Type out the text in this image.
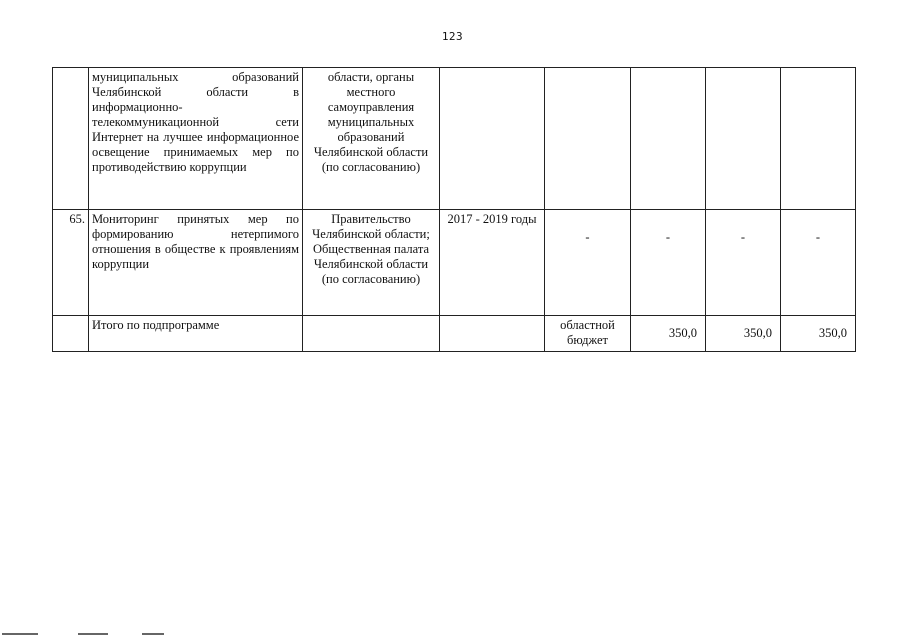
123
	муниципальных образований Челябинской области в информационно-телекоммуникационной сети Интернет на лучшее информационное освещение принимаемых мер по противодействию коррупции	области, органы местного самоуправления муниципальных образований Челябинской области (по согласованию)					
65.	Мониторинг принятых мер по формированию нетерпимого отношения в обществе к проявлениям коррупции	Правительство Челябинской области; Общественная палата Челябинской области (по согласованию)	2017 - 2019 годы	-	-	-	-
	Итого по подпрограмме			областной бюджет	350,0	350,0	350,0
